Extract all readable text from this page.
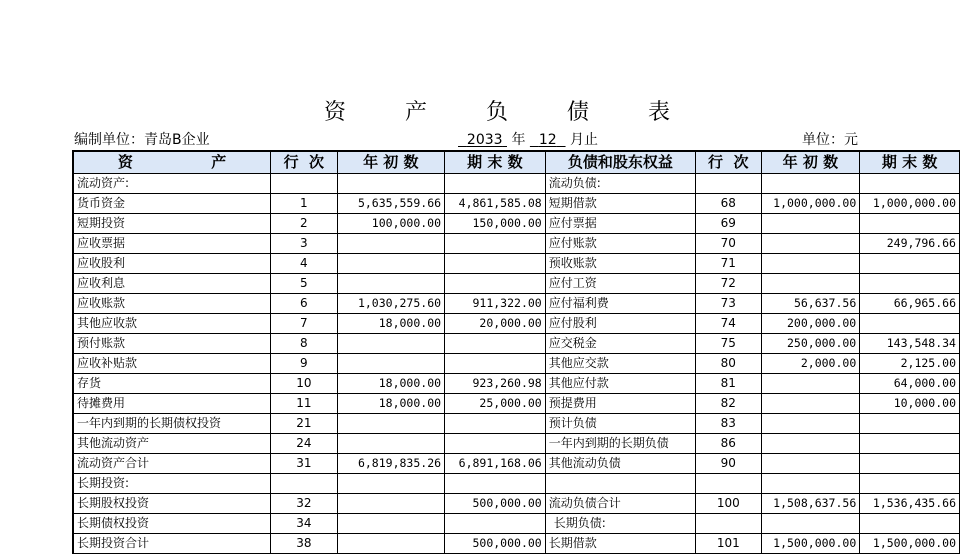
资 产 负 债 表
编制单位：青岛B企业	2033 年 12 月止	单位：元
资               产	行  次	年 初 数	期 末 数	负债和股东权益	行  次	年 初 数	期 末 数
流动资产:				流动负债:			
货币资金	1	5,635,559.66	4,861,585.08	短期借款	68	1,000,000.00	1,000,000.00
短期投资	2	100,000.00	150,000.00	应付票据	69		
应收票据	3			应付账款	70		249,796.66
应收股利	4			预收账款	71		
应收利息	5			应付工资	72		
应收账款	6	1,030,275.60	911,322.00	应付福利费	73	56,637.56	66,965.66
其他应收款	7	18,000.00	20,000.00	应付股利	74	200,000.00	
预付账款	8			应交税金	75	250,000.00	143,548.34
应收补贴款	9			其他应交款	80	2,000.00	2,125.00
存货	10	18,000.00	923,260.98	其他应付款	81		64,000.00
待摊费用	11	18,000.00	25,000.00	预提费用	82		10,000.00
一年内到期的长期债权投资	21			预计负债	83		
其他流动资产	24			一年内到期的长期负债	86		
流动资产合计	31	6,819,835.26	6,891,168.06	其他流动负债	90		
长期投资:							
长期股权投资	32		500,000.00	流动负债合计	100	1,508,637.56	1,536,435.66
长期债权投资	34			长期负债:			
长期投资合计	38		500,000.00	长期借款	101	1,500,000.00	1,500,000.00
